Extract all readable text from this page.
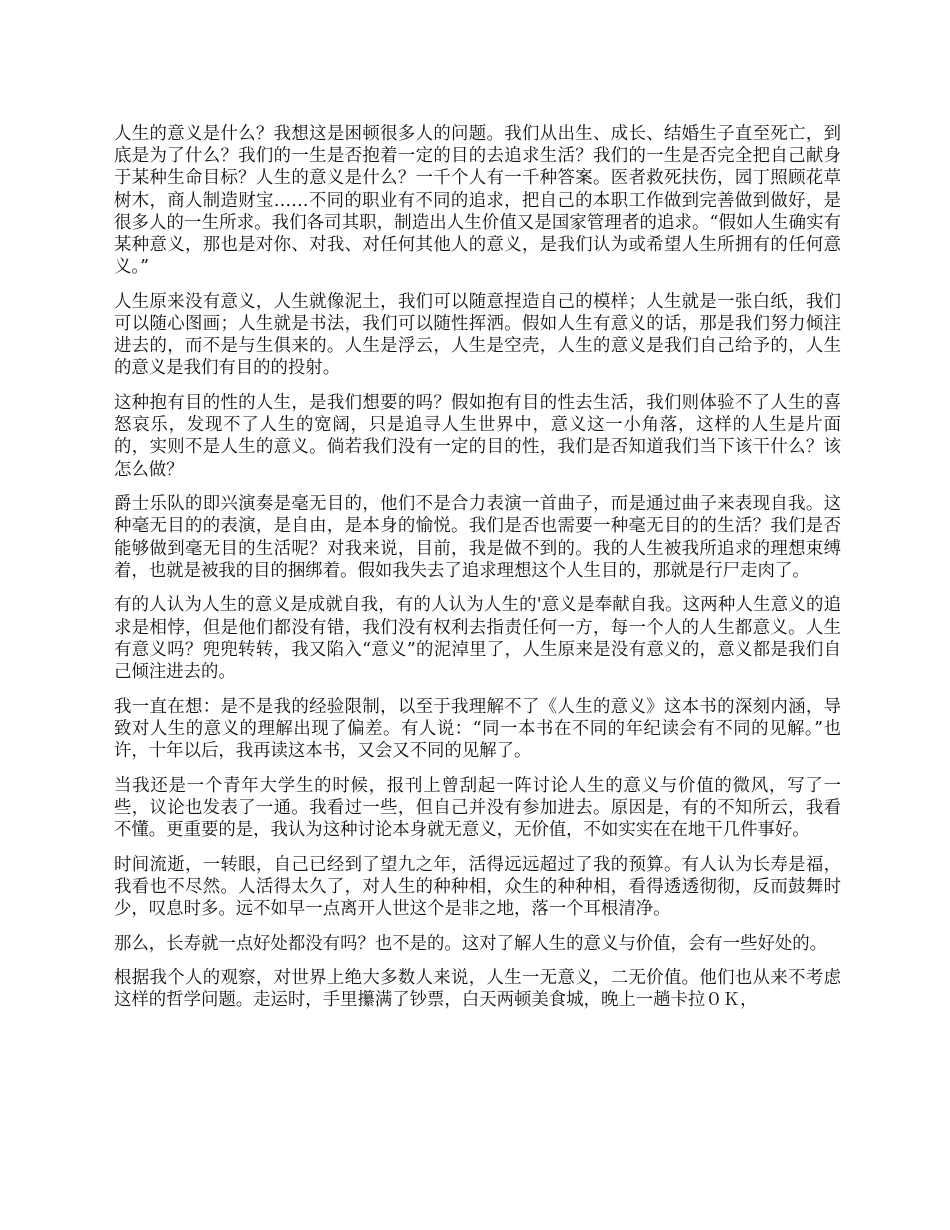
人生的意义是什么？我想这是困顿很多人的问题。我们从出生、成长、结婚生子直至死亡，到底是为了什么？我们的一生是否抱着一定的目的去追求生活？我们的一生是否完全把自己献身于某种生命目标？人生的意义是什么？一千个人有一千种答案。医者救死扶伤，园丁照顾花草树木，商人制造财宝……不同的职业有不同的追求，把自己的本职工作做到完善做到做好，是很多人的一生所求。我们各司其职，制造出人生价值又是国家管理者的追求。“假如人生确实有某种意义，那也是对你、对我、对任何其他人的意义，是我们认为或希望人生所拥有的任何意义。”

人生原来没有意义，人生就像泥土，我们可以随意捏造自己的模样；人生就是一张白纸，我们可以随心图画；人生就是书法，我们可以随性挥洒。假如人生有意义的话，那是我们努力倾注进去的，而不是与生俱来的。人生是浮云，人生是空壳，人生的意义是我们自己给予的，人生的意义是我们有目的的投射。

这种抱有目的性的人生，是我们想要的吗？假如抱有目的性去生活，我们则体验不了人生的喜怒哀乐，发现不了人生的宽阔，只是追寻人生世界中，意义这一小角落，这样的人生是片面的，实则不是人生的意义。倘若我们没有一定的目的性，我们是否知道我们当下该干什么？该怎么做？

爵士乐队的即兴演奏是毫无目的，他们不是合力表演一首曲子，而是通过曲子来表现自我。这种毫无目的的表演，是自由，是本身的愉悦。我们是否也需要一种毫无目的的生活？我们是否能够做到毫无目的生活呢？对我来说，目前，我是做不到的。我的人生被我所追求的理想束缚着，也就是被我的目的捆绑着。假如我失去了追求理想这个人生目的，那就是行尸走肉了。

有的人认为人生的意义是成就自我，有的人认为人生的'意义是奉献自我。这两种人生意义的追求是相悖，但是他们都没有错，我们没有权利去指责任何一方，每一个人的人生都意义。人生有意义吗？兜兜转转，我又陷入“意义”的泥淖里了，人生原来是没有意义的，意义都是我们自己倾注进去的。

我一直在想：是不是我的经验限制，以至于我理解不了《人生的意义》这本书的深刻内涵，导致对人生的意义的理解出现了偏差。有人说：“同一本书在不同的年纪读会有不同的见解。”也许，十年以后，我再读这本书，又会又不同的见解了。

当我还是一个青年大学生的时候，报刊上曾刮起一阵讨论人生的意义与价值的微风，写了一些，议论也发表了一通。我看过一些，但自己并没有参加进去。原因是，有的不知所云，我看不懂。更重要的是，我认为这种讨论本身就无意义，无价值，不如实实在在地干几件事好。

时间流逝，一转眼，自己已经到了望九之年，活得远远超过了我的预算。有人认为长寿是福，我看也不尽然。人活得太久了，对人生的种种相，众生的种种相，看得透透彻彻，反而鼓舞时少，叹息时多。远不如早一点离开人世这个是非之地，落一个耳根清净。

那么，长寿就一点好处都没有吗？也不是的。这对了解人生的意义与价值，会有一些好处的。

根据我个人的观察，对世界上绝大多数人来说，人生一无意义，二无价值。他们也从来不考虑这样的哲学问题。走运时，手里攥满了钞票，白天两顿美食城，晚上一趟卡拉０Ｋ，
